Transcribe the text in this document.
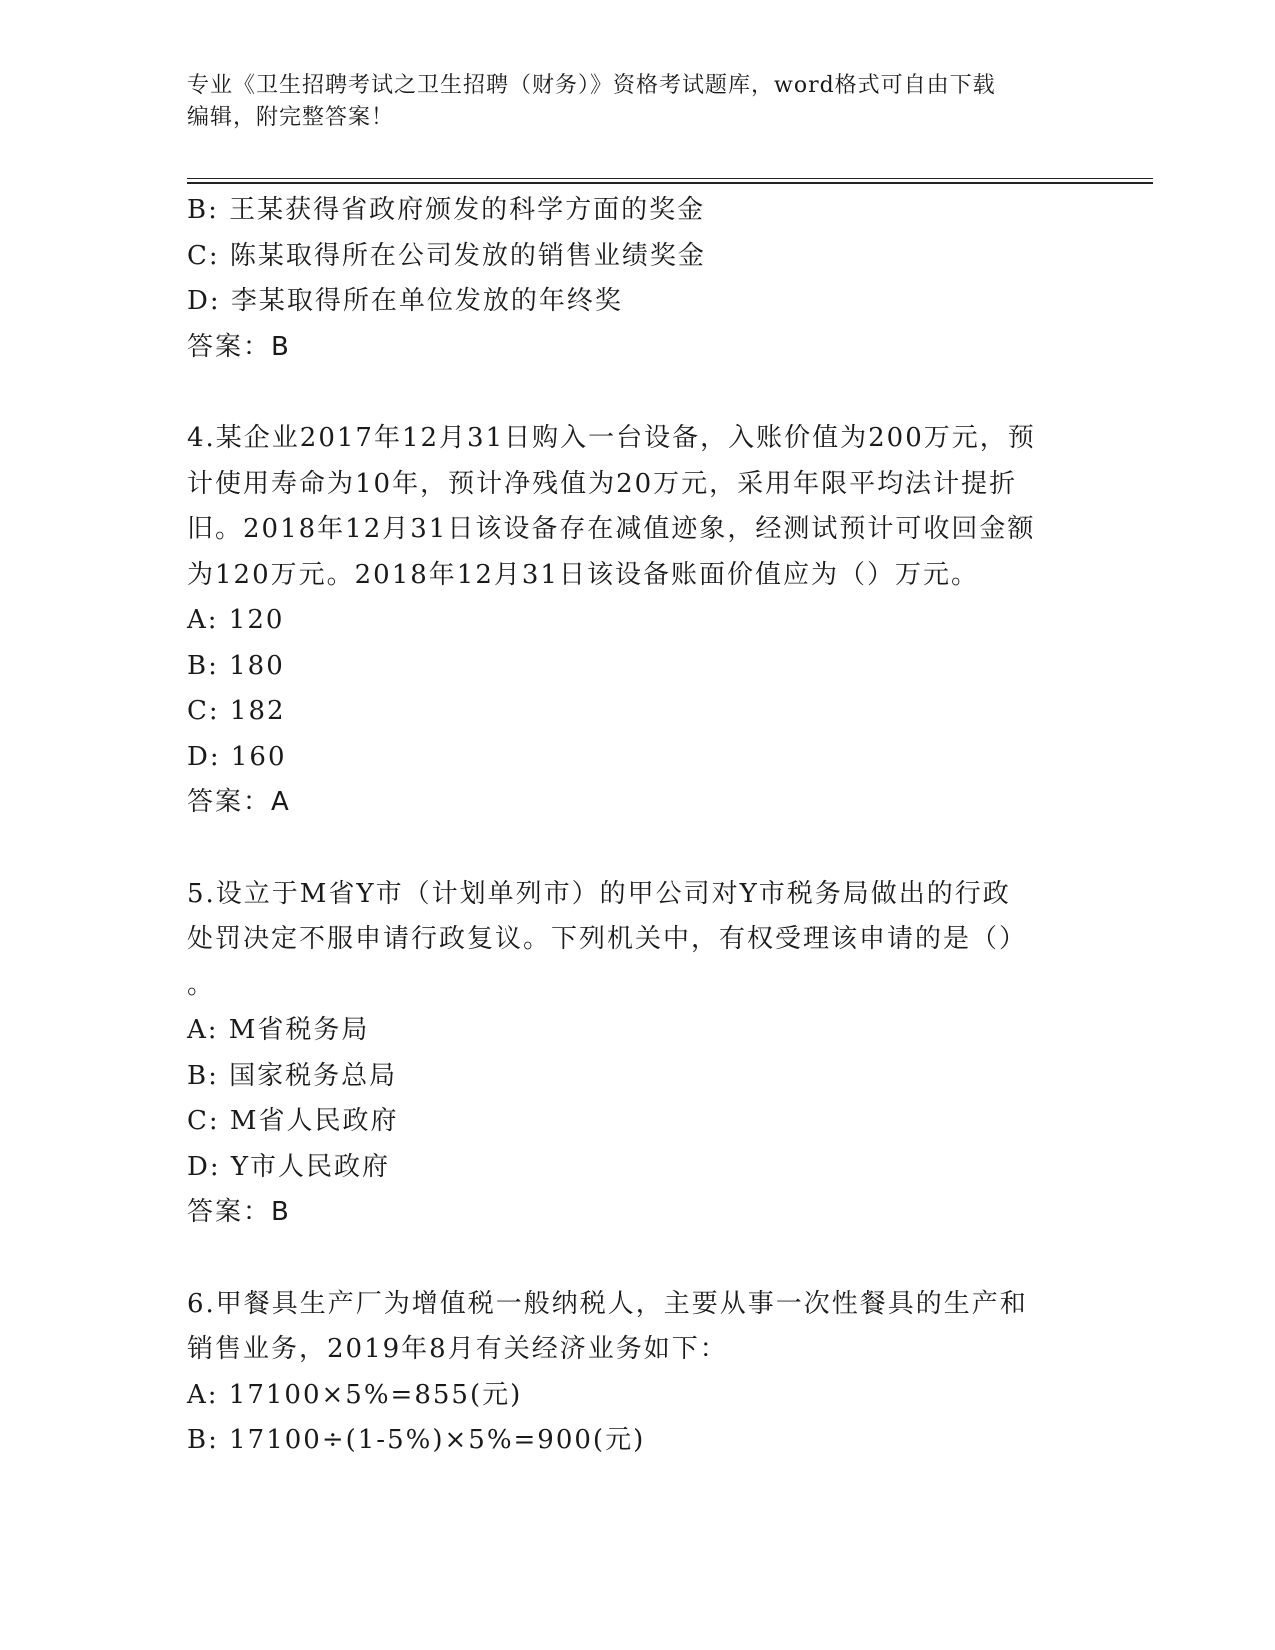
专业《卫生招聘考试之卫生招聘（财务）》资格考试题库，word格式可自由下载
编辑，附完整答案！
B: 王某获得省政府颁发的科学方面的奖金
C: 陈某取得所在公司发放的销售业绩奖金
D: 李某取得所在单位发放的年终奖
答案：B
4.某企业2017年12月31日购入一台设备，入账价值为200万元，预
计使用寿命为10年，预计净残值为20万元，采用年限平均法计提折
旧。2018年12月31日该设备存在减值迹象，经测试预计可收回金额
为120万元。2018年12月31日该设备账面价值应为（）万元。
A: 120
B: 180
C: 182
D: 160
答案：A
5.设立于M省Y市（计划单列市）的甲公司对Y市税务局做出的行政
处罚决定不服申请行政复议。下列机关中，有权受理该申请的是（）
。
A: M省税务局
B: 国家税务总局
C: M省人民政府
D: Y市人民政府
答案：B
6.甲餐具生产厂为增值税一般纳税人，主要从事一次性餐具的生产和
销售业务，2019年8月有关经济业务如下：
A: 17100×5%=855(元)
B: 17100÷(1-5%)×5%=900(元)
